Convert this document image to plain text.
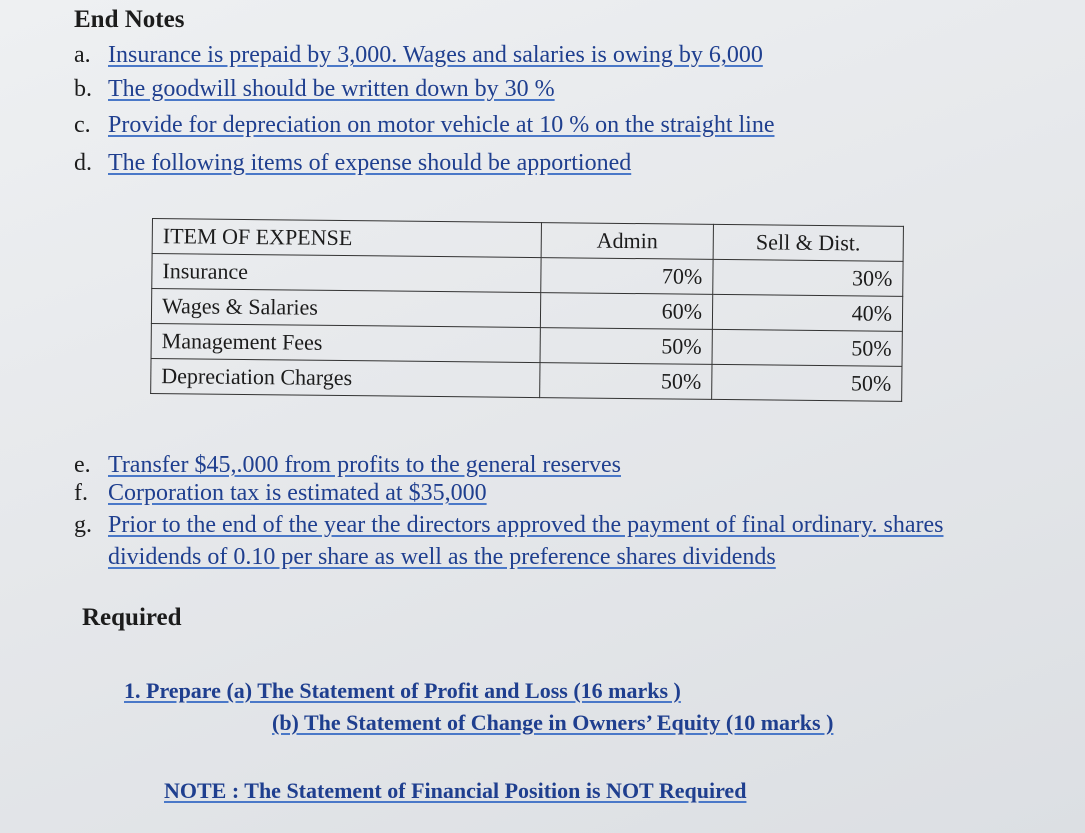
End Notes
a. Insurance is prepaid by 3,000. Wages and salaries is owing by 6,000
b. The goodwill should be written down by 30 %
c. Provide for depreciation on motor vehicle at 10 % on the straight line
d. The following items of expense should be apportioned
ITEM OF EXPENSE	Admin	Sell & Dist.
Insurance	70%	30%
Wages & Salaries	60%	40%
Management Fees	50%	50%
Depreciation Charges	50%	50%
e. Transfer $45,.000 from profits to the general reserves
f. Corporation tax is estimated at $35,000
g. Prior to the end of the year the directors approved the payment of final ordinary. shares
dividends of 0.10 per share as well as the preference shares dividends
Required
1. Prepare (a) The Statement of Profit and Loss (16 marks )
(b) The Statement of Change in Owners’ Equity (10 marks )
NOTE : The Statement of Financial Position is NOT Required
